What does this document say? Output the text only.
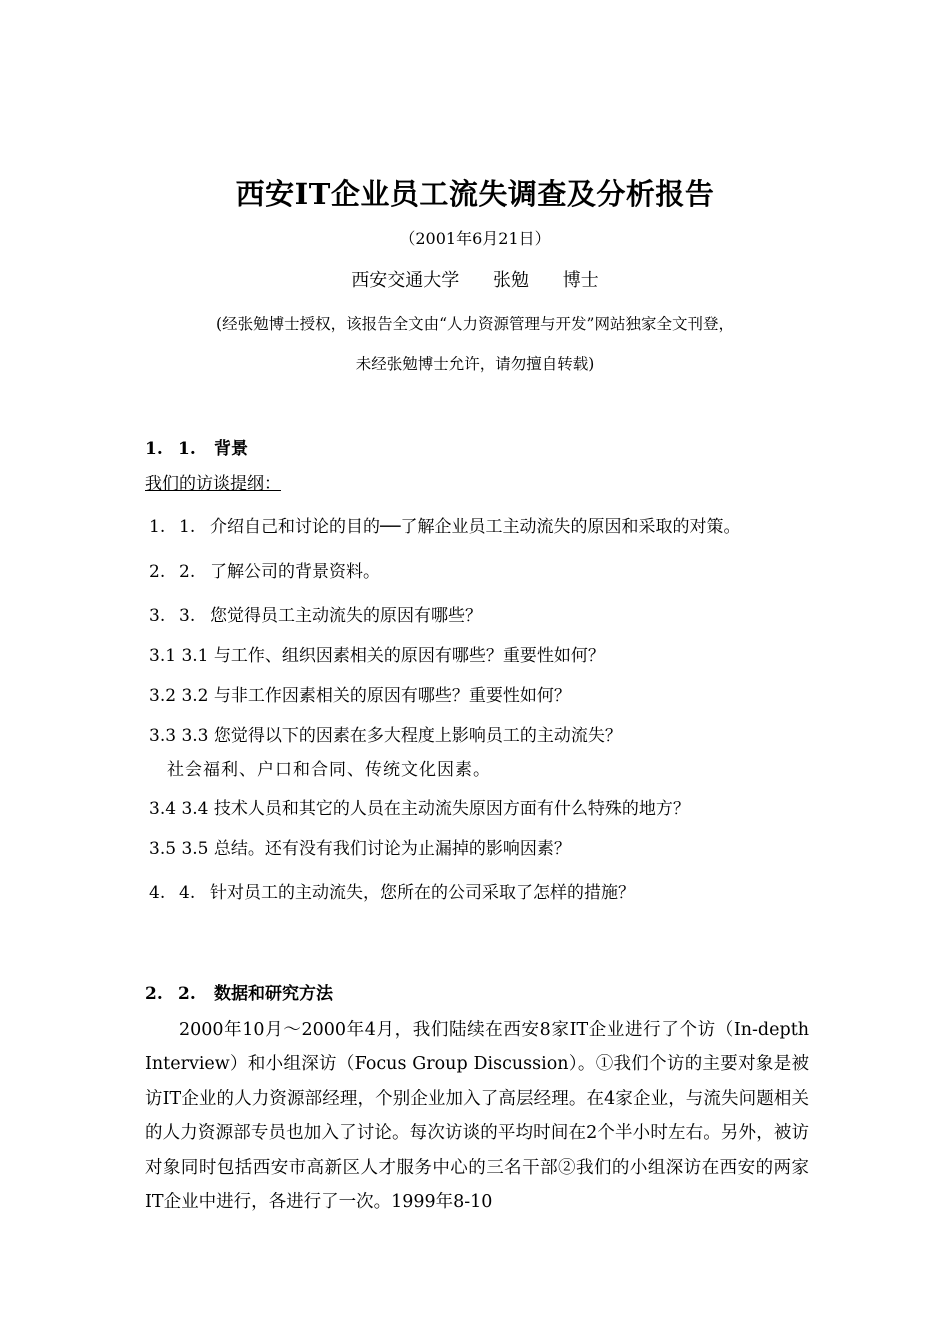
西安IT企业员工流失调查及分析报告
（2001年6月21日）
西安交通大学 张勉 博士
(经张勉博士授权，该报告全文由“人力资源管理与开发”网站独家全文刊登，
未经张勉博士允许，请勿擅自转载)
1. 1. 背景
我们的访谈提纲：
1. 1. 介绍自己和讨论的目的──了解企业员工主动流失的原因和采取的对策。
2. 2. 了解公司的背景资料。
3. 3. 您觉得员工主动流失的原因有哪些？
3.1 3.1 与工作、组织因素相关的原因有哪些？重要性如何？
3.2 3.2 与非工作因素相关的原因有哪些？重要性如何？
3.3 3.3 您觉得以下的因素在多大程度上影响员工的主动流失？
社会福利、户口和合同、传统文化因素。
3.4 3.4 技术人员和其它的人员在主动流失原因方面有什么特殊的地方？
3.5 3.5 总结。还有没有我们讨论为止漏掉的影响因素？
4. 4. 针对员工的主动流失，您所在的公司采取了怎样的措施？
2. 2. 数据和研究方法

2000年10月～2000年4月，我们陆续在西安8家IT企业进行了个访（In-depth Interview）和小组深访（Focus Group Discussion）。①我们个访的主要对象是被访IT企业的人力资源部经理，个别企业加入了高层经理。在4家企业，与流失问题相关的人力资源部专员也加入了讨论。每次访谈的平均时间在2个半小时左右。另外，被访对象同时包括西安市高新区人才服务中心的三名干部②我们的小组深访在西安的两家IT企业中进行，各进行了一次。1999年8-10
